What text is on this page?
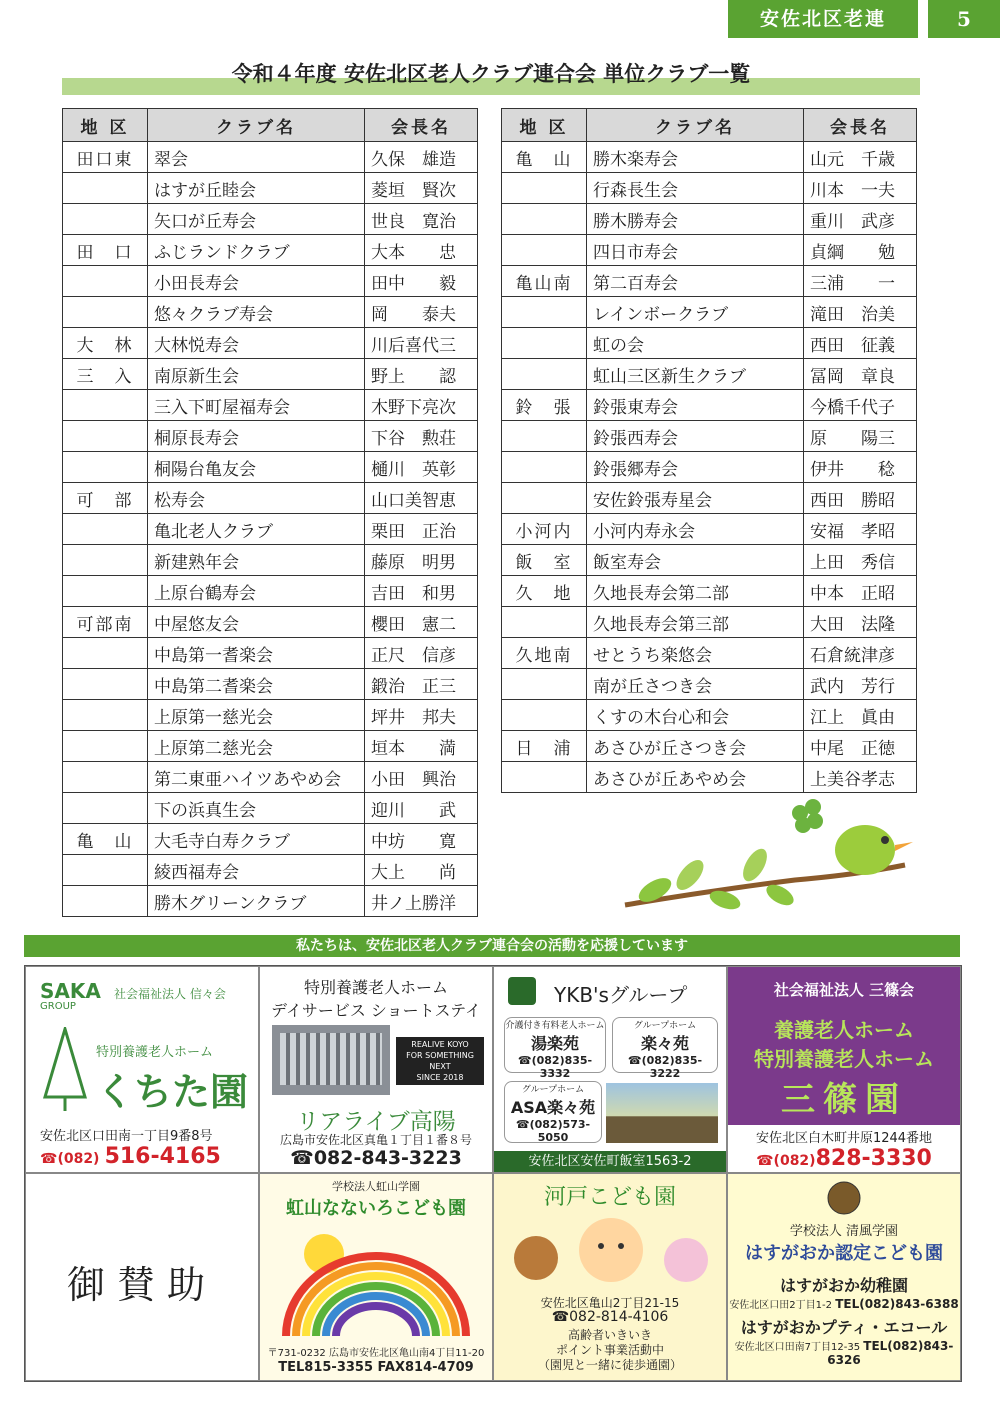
安佐北区老連	5
令和４年度 安佐北区老人クラブ連合会 単位クラブ一覧
地 区	クラブ名	会長名
田口東	翠会	久保　雄造
	はすが丘睦会	菱垣　賢次
	矢口が丘寿会	世良　寛治
田　口	ふじランドクラブ	大本　　忠
	小田長寿会	田中　　毅
	悠々クラブ寿会	岡　　泰夫
大　林	大林悦寿会	川后喜代三
三　入	南原新生会	野上　　認
	三入下町屋福寿会	木野下亮次
	桐原長寿会	下谷　勲荘
	桐陽台亀友会	樋川　英彰
可　部	松寿会	山口美智恵
	亀北老人クラブ	栗田　正治
	新建熟年会	藤原　明男
	上原台鶴寿会	吉田　和男
可部南	中屋悠友会	櫻田　憲二
	中島第一耆楽会	正尺　信彦
	中島第二耆楽会	鍛治　正三
	上原第一慈光会	坪井　邦夫
	上原第二慈光会	垣本　　満
	第二東亜ハイツあやめ会	小田　興治
	下の浜真生会	迎川　　武
亀　山	大毛寺白寿クラブ	中坊　　寛
	綾西福寿会	大上　　尚
	勝木グリーンクラブ	井ノ上勝洋
地 区	クラブ名	会長名
亀　山	勝木楽寿会	山元　千歳
	行森長生会	川本　一夫
	勝木勝寿会	重川　武彦
	四日市寿会	貞綱　　勉
亀山南	第二百寿会	三浦　　一
	レインボークラブ	滝田　治美
	虹の会	西田　征義
	虹山三区新生クラブ	冨岡　章良
鈴　張	鈴張東寿会	今橋千代子
	鈴張西寿会	原　　陽三
	鈴張郷寿会	伊井　　稔
	安佐鈴張寿星会	西田　勝昭
小河内	小河内寿永会	安福　孝昭
飯　室	飯室寿会	上田　秀信
久　地	久地長寿会第二部	中本　正昭
	久地長寿会第三部	大田　法隆
久地南	せとうち楽悠会	石倉統津彦
	南が丘さつき会	武内　芳行
	くすの木台心和会	江上　眞由
日　浦	あさひが丘さつき会	中尾　正徳
	あさひが丘あやめ会	上美谷孝志
私たちは、安佐北区老人クラブ連合会の活動を応援しています
SAKA
GROUP
社会福祉法人 信々会
特別養護老人ホーム
くちた園
安佐北区口田南一丁目9番8号
☎(082) 516-4165
特別養護老人ホーム
デイサービス ショートステイ
REALIVE KOYO
FOR SOMETHING NEXT
SINCE 2018
リアライブ高陽
広島市安佐北区真亀１丁目１番８号
☎082-843-3223
YKB'sグループ
介護付き有料老人ホーム
湯楽苑
☎(082)835-3332
グループホーム
楽々苑
☎(082)835-3222
グループホーム
ASA楽々苑
☎(082)573-5050
安佐北区安佐町飯室1563-2
社会福祉法人 三篠会
養護老人ホーム
特別養護老人ホーム
三篠園
安佐北区白木町井原1244番地
☎(082)828-3330
御賛助
学校法人虹山学園
虹山なないろこども園
〒731-0232 広島市安佐北区亀山南4丁目11-20
TEL815-3355 FAX814-4709
河戸こども園
安佐北区亀山2丁目21-15
☎082-814-4106
高齢者いきいき
ポイント事業活動中
（園児と一緒に徒歩通園）
学校法人 清風学園
はすがおか認定こども園
はすがおか幼稚園
安佐北区口田2丁目1-2 TEL(082)843-6388
はすがおかプティ・エコール
安佐北区口田南7丁目12-35 TEL(082)843-6326
